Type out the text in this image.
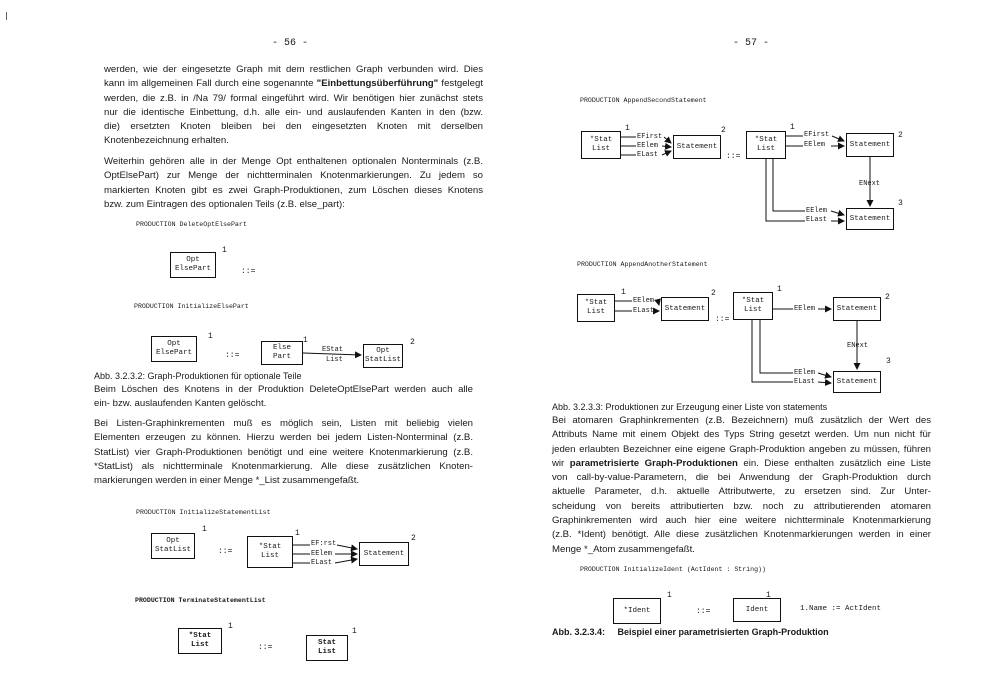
- 56 -
werden, wie der eingesetzte Graph mit dem restlichen Graph verbunden wird. Dies
kann im allgemeinen Fall durch eine sogenannte "Einbettungsüberführung" festgelegt
werden, die z.B. in /Na 79/ formal eingeführt wird. Wir benötigen hier zunächst stets
nur die identische Einbettung, d.h. alle ein- und auslaufenden Kanten in den (bzw.
die) ersetzten Knoten bleiben bei den eingesetzten Knoten mit derselben
Knotenbezeichnung erhalten.
Weiterhin gehören alle in der Menge Opt enthaltenen optionalen Nonterminals (z.B.
OptElsePart) zur Menge der nichtterminalen Knotenmarkierungen. Zu jedem so
markierten Knoten gibt es zwei Graph-Produktionen, zum Löschen dieses Knotens
bzw. zum Eintragen des optionalen Teils (z.B. else_part):
PRODUCTION DeleteOptElsePart
Opt
ElsePart
1
::=
PRODUCTION InitializeElsePart
Opt
ElsePart
1
::=
Else
Part
1
EStat
List
Opt
StatList
2
Abb. 3.2.3.2: Graph-Produktionen für optionale Teile
Beim Löschen des Knotens in der Produktion DeleteOptElsePart werden auch alle
ein- bzw. auslaufenden Kanten gelöscht.
Bei Listen-Graphinkrementen muß es möglich sein, Listen mit beliebig vielen
Elementen erzeugen zu können. Hierzu werden bei jedem Listen-Nonterminal (z.B.
StatList) vier Graph-Produktionen benötigt und eine weitere Knotenmarkierung (z.B.
*StatList) als nichtterminale Knotenmarkierung. Alle diese zusätzlichen Knoten-
markierungen werden in einer Menge *_List zusammengefaßt.
PRODUCTION InitializeStatementList
Opt
StatList
1
::=	*Stat
List
1
EF:rst
EElem
ELast
Statement
2
PRODUCTION TerminateStatementList
*Stat
List
1
::=	Stat
List
1
- 57 -
PRODUCTION AppendSecondStatement
*Stat
List
1
EFirst
EElem
ELast
Statement
2
::=
*Stat
List
1
EFirst
EElem	Statement
2
ENext
EElem
ELast	Statement
3
PRODUCTION AppendAnotherStatement
*Stat
List
1
EElem
ELast Statement
2
::=
*Stat
List
1
EElem	Statement
2
ENext
EElem
ELast	Statement
3
Abb. 3.2.3.3: Produktionen zur Erzeugung einer Liste von statements
Bei atomaren Graphinkrementen (z.B. Bezeichnern) muß zusätzlich der Wert des
Attributs Name mit einem Objekt des Typs String gesetzt werden. Um nun nicht für
jeden erlaubten Bezeichner eine eigene Graph-Produktion angeben zu müssen, führen
wir parametrisierte Graph-Produktionen ein. Diese enthalten zusätzlich eine Liste
von call-by-value-Parametern, die bei Anwendung der Graph-Produktion durch
aktuelle Parameter, d.h. aktuelle Attributwerte, zu ersetzen sind. Zur Unter-
scheidung von bereits attributierten bzw. noch zu attributierenden atomaren
Graphinkrementen wird auch hier eine weitere nichtterminale Knotenmarkierung
(z.B. *Ident) benötigt. Alle diese zusätzlichen Knotenmarkierungen werden in einer
Menge *_Atom zusammengefaßt.
PRODUCTION InitializeIdent (ActIdent : String))
*Ident
1
::=	Ident
1
1.Name := ActIdent
Abb. 3.2.3.4: Beispiel einer parametrisierten Graph-Produktion
